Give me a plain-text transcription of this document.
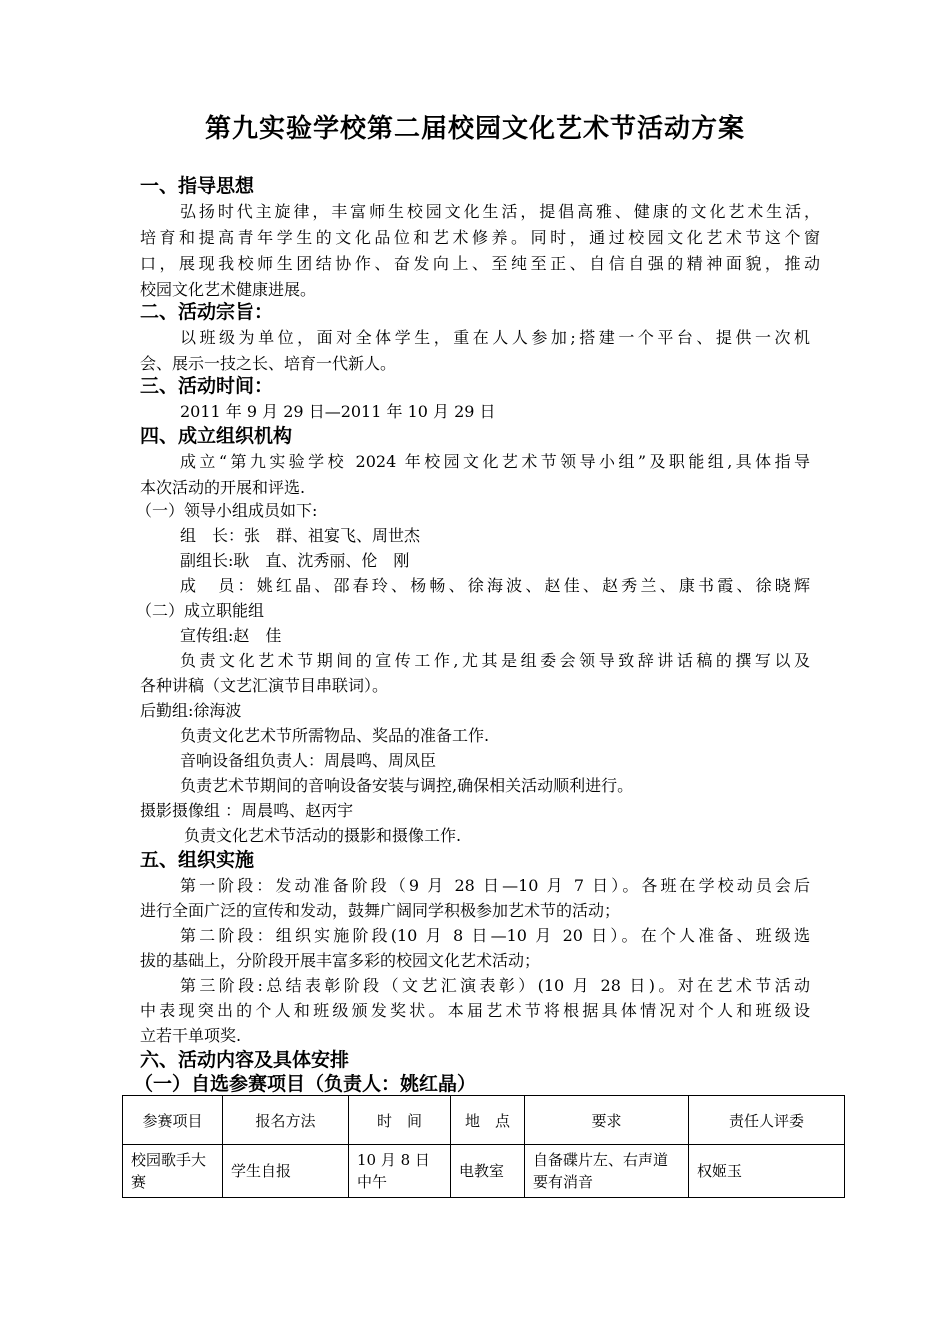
第九实验学校第二届校园文化艺术节活动方案
一、指导思想
弘扬时代主旋律，丰富师生校园文化生活，提倡高雅、健康的文化艺术生活，
培育和提高青年学生的文化品位和艺术修养。同时，通过校园文化艺术节这个窗
口，展现我校师生团结协作、奋发向上、至纯至正、自信自强的精神面貌，推动
校园文化艺术健康进展。
二、活动宗旨：
以班级为单位，面对全体学生，重在人人参加;搭建一个平台、提供一次机
会、展示一技之长、培育一代新人。
三、活动时间：
2011 年 9 月 29 日—2011 年 10 月 29 日
四、成立组织机构
成立“第九实验学校 2024 年校园文化艺术节领导小组”及职能组,具体指导
本次活动的开展和评选.
（一）领导小组成员如下:
组　长：张　群、祖宴飞、周世杰
副组长:耿　直、沈秀丽、伦　刚
成　员：姚红晶、邵春玲、杨畅、徐海波、赵佳、赵秀兰、康书霞、徐晓辉
（二）成立职能组
宣传组:赵　佳
负责文化艺术节期间的宣传工作,尤其是组委会领导致辞讲话稿的撰写以及
各种讲稿（文艺汇演节目串联词）。
后勤组:徐海波
负责文化艺术节所需物品、奖品的准备工作.
音响设备组负责人：周晨鸣、周凤臣
负责艺术节期间的音响设备安装与调控,确保相关活动顺利进行。
摄影摄像组 ：周晨鸣、赵丙宇
负责文化艺术节活动的摄影和摄像工作.
五、组织实施
第一阶段：发动准备阶段（9 月 28 日—10 月 7 日）。各班在学校动员会后
进行全面广泛的宣传和发动，鼓舞广阔同学积极参加艺术节的活动；
第二阶段：组织实施阶段(10 月 8 日—10 月 20 日）。在个人准备、班级选
拔的基础上，分阶段开展丰富多彩的校园文化艺术活动；
第三阶段:总结表彰阶段（文艺汇演表彰）(10 月 28 日)。对在艺术节活动
中表现突出的个人和班级颁发奖状。本届艺术节将根据具体情况对个人和班级设
立若干单项奖.
六、活动内容及具体安排
（一）自选参赛项目（负责人：姚红晶）
参赛项目	报名方法	时　间	地　点	要求	责任人评委
校园歌手大赛	学生自报	10 月 8 日中午	电教室	自备碟片左、右声道要有消音	权姬玉
